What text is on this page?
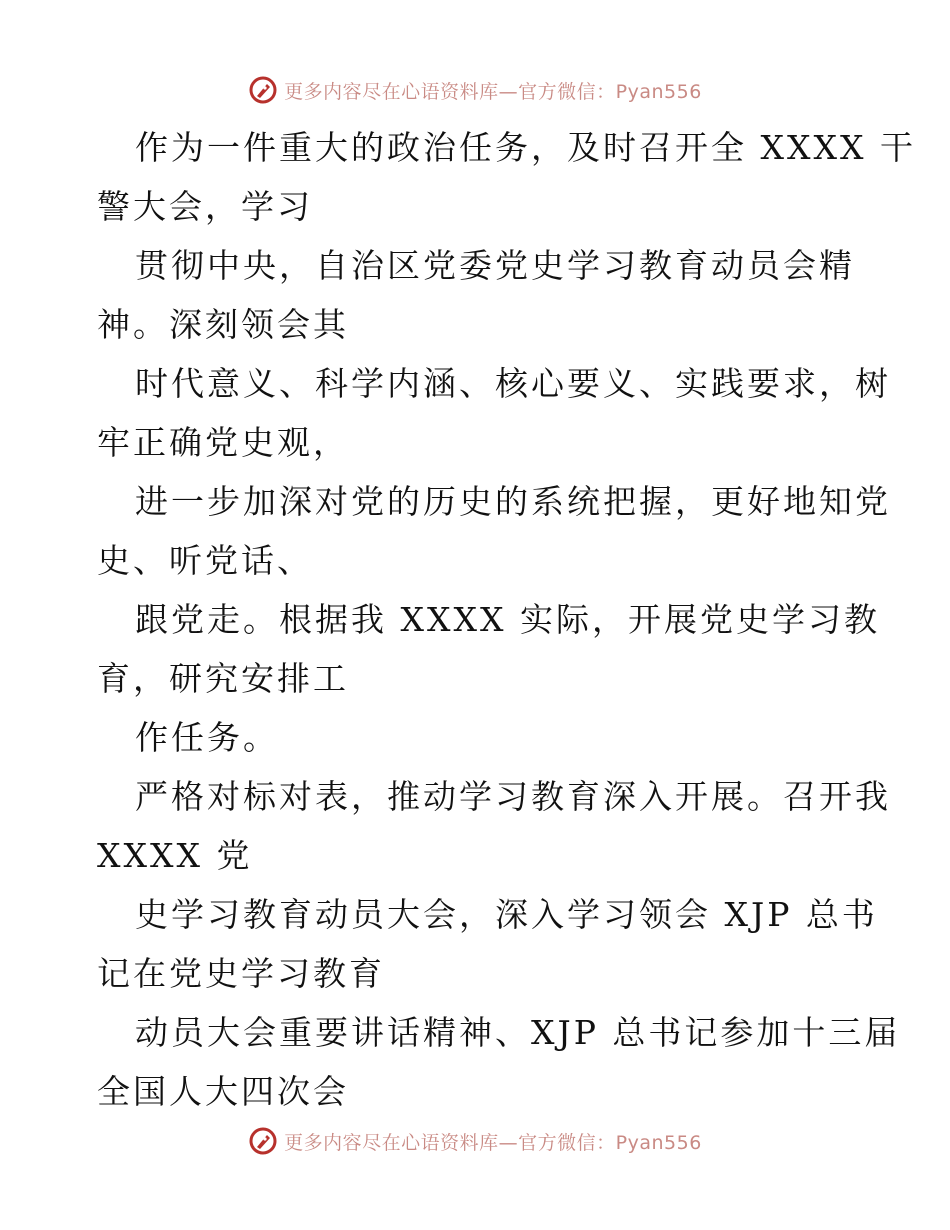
更多内容尽在心语资料库—官方微信：Pyan556
作为一件重大的政治任务，及时召开全 XXXX 干
警大会，学习
贯彻中央，自治区党委党史学习教育动员会精
神。深刻领会其
时代意义、科学内涵、核心要义、实践要求，树
牢正确党史观，
进一步加深对党的历史的系统把握，更好地知党
史、听党话、
跟党走。根据我 XXXX 实际，开展党史学习教
育，研究安排工
作任务。
严格对标对表，推动学习教育深入开展。召开我
XXXX 党
史学习教育动员大会，深入学习领会 XJP 总书
记在党史学习教育
动员大会重要讲话精神、XJP 总书记参加十三届
全国人大四次会
更多内容尽在心语资料库—官方微信：Pyan556
